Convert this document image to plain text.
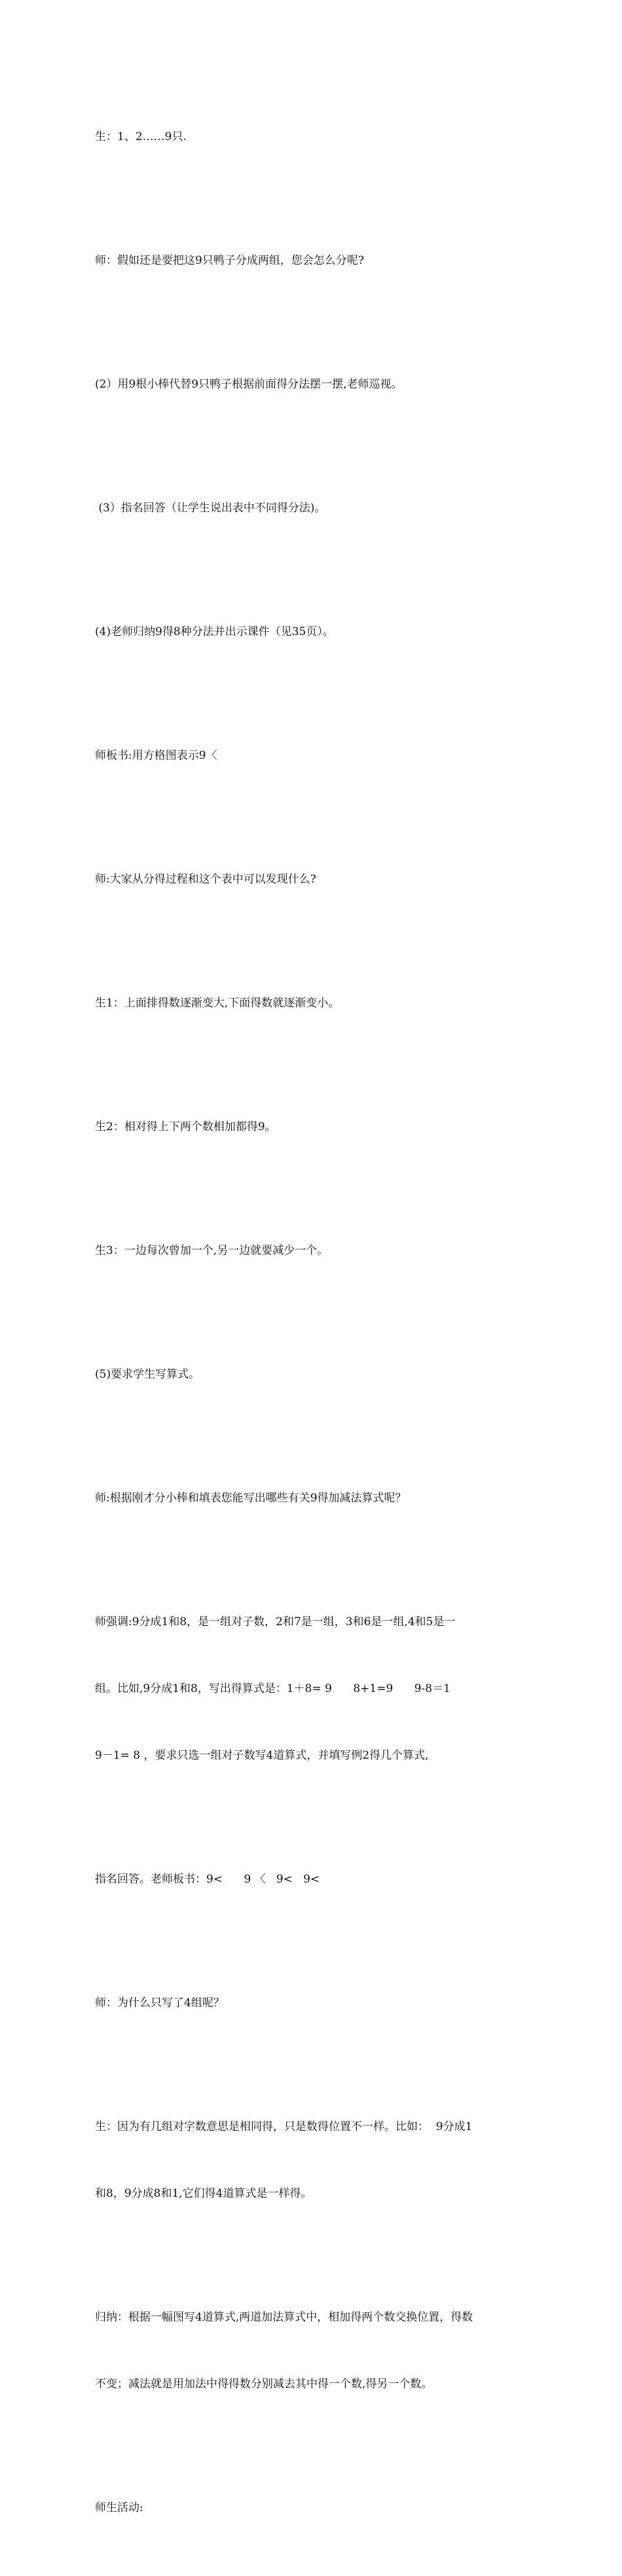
生：1、2……9只.

师：假如还是要把这9只鸭子分成两组，您会怎么分呢?

(2）用9根小棒代替9只鸭子根据前面得分法摆一摆,老师巡视。

(3）指名回答（让学生说出表中不同得分法)。

(4)老师归纳9得8种分法并出示课件（见35页）。

师板书:用方格图表示9〈

师:大家从分得过程和这个表中可以发现什么?

生1：上面排得数逐渐变大,下面得数就逐渐变小。

生2：相对得上下两个数相加都得9。

生3：一边每次曾加一个,另一边就要减少一个。

(5)要求学生写算式。

师:根据刚才分小棒和填表您能写出哪些有关9得加减法算式呢？

师强调:9分成1和8，是一组对子数，2和7是一组，3和6是一组,4和5是一

组。比如,9分成1和8，写出得算式是：1＋8= 9      8+1=9      9-8＝1

9－1= 8 ，要求只选一组对子数写4道算式，并填写例2得几个算式,

指名回答。老师板书：9<      9 〈   9<   9<

师：为什么只写了4组呢？

生：因为有几组对字数意思是相同得，只是数得位置不一样。比如：  9分成1

和8，9分成8和1,它们得4道算式是一样得。

归纳：根据一幅图写4道算式,两道加法算式中，相加得两个数交换位置，得数

不变；减法就是用加法中得得数分别减去其中得一个数,得另一个数。

师生活动:
